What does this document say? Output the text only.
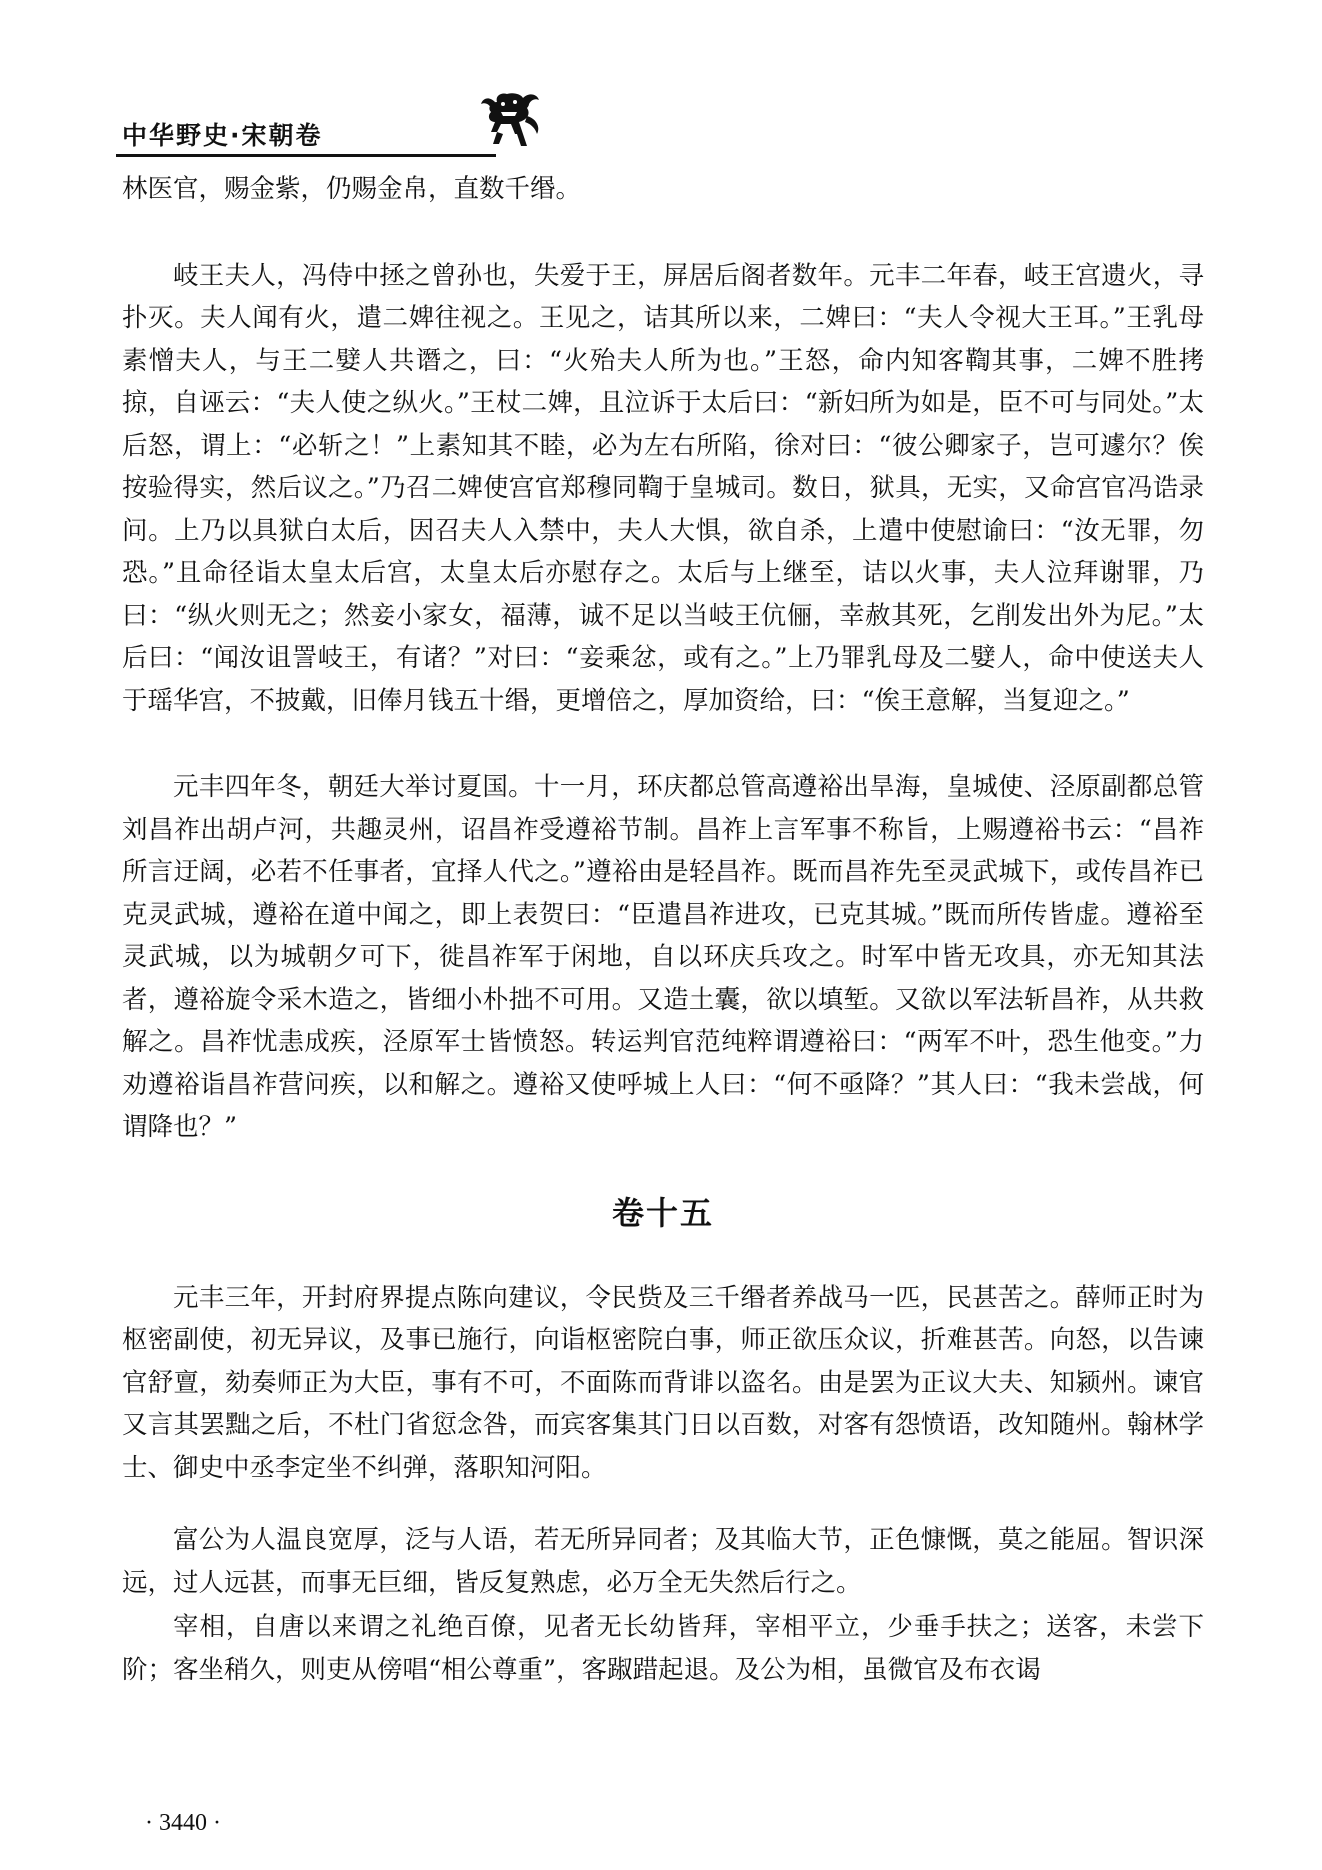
中华野史·宋朝卷

林医官，赐金紫，仍赐金帛，直数千缗。

岐王夫人，冯侍中拯之曾孙也，失爱于王，屏居后阁者数年。元丰二年春，岐王宫遗火，寻扑灭。夫人闻有火，遣二婢往视之。王见之，诘其所以来，二婢曰：“夫人令视大王耳。”王乳母素憎夫人，与王二嬖人共谮之，曰：“火殆夫人所为也。”王怒，命内知客鞫其事，二婢不胜拷掠，自诬云：“夫人使之纵火。”王杖二婢，且泣诉于太后曰：“新妇所为如是，臣不可与同处。”太后怒，谓上：“必斩之！”上素知其不睦，必为左右所陷，徐对曰：“彼公卿家子，岂可遽尔？俟按验得实，然后议之。”乃召二婢使宫官郑穆同鞫于皇城司。数日，狱具，无实，又命宫官冯诰录问。上乃以具狱白太后，因召夫人入禁中，夫人大惧，欲自杀，上遣中使慰谕曰：“汝无罪，勿恐。”且命径诣太皇太后宫，太皇太后亦慰存之。太后与上继至，诘以火事，夫人泣拜谢罪，乃曰：“纵火则无之；然妾小家女，福薄，诚不足以当岐王伉俪，幸赦其死，乞削发出外为尼。”太后曰：“闻汝诅詈岐王，有诸？”对曰：“妾乘忿，或有之。”上乃罪乳母及二嬖人，命中使送夫人于瑶华宫，不披戴，旧俸月钱五十缗，更增倍之，厚加资给，曰：“俟王意解，当复迎之。”

元丰四年冬，朝廷大举讨夏国。十一月，环庆都总管高遵裕出旱海，皇城使、泾原副都总管刘昌祚出胡卢河，共趣灵州，诏昌祚受遵裕节制。昌祚上言军事不称旨，上赐遵裕书云：“昌祚所言迂阔，必若不任事者，宜择人代之。”遵裕由是轻昌祚。既而昌祚先至灵武城下，或传昌祚已克灵武城，遵裕在道中闻之，即上表贺曰：“臣遣昌祚进攻，已克其城。”既而所传皆虚。遵裕至灵武城，以为城朝夕可下，徙昌祚军于闲地，自以环庆兵攻之。时军中皆无攻具，亦无知其法者，遵裕旋令采木造之，皆细小朴拙不可用。又造土囊，欲以填堑。又欲以军法斩昌祚，从共救解之。昌祚忧恚成疾，泾原军士皆愤怒。转运判官范纯粹谓遵裕曰：“两军不叶，恐生他变。”力劝遵裕诣昌祚营问疾，以和解之。遵裕又使呼城上人曰：“何不亟降？”其人曰：“我未尝战，何谓降也？”

卷十五

元丰三年，开封府界提点陈向建议，令民赀及三千缗者养战马一匹，民甚苦之。薛师正时为枢密副使，初无异议，及事已施行，向诣枢密院白事，师正欲压众议，折难甚苦。向怒，以告谏官舒亶，劾奏师正为大臣，事有不可，不面陈而背诽以盗名。由是罢为正议大夫、知颍州。谏官又言其罢黜之后，不杜门省愆念咎，而宾客集其门日以百数，对客有怨愤语，改知随州。翰林学士、御史中丞李定坐不纠弹，落职知河阳。

富公为人温良宽厚，泛与人语，若无所异同者；及其临大节，正色慷慨，莫之能屈。智识深远，过人远甚，而事无巨细，皆反复熟虑，必万全无失然后行之。

宰相，自唐以来谓之礼绝百僚，见者无长幼皆拜，宰相平立，少垂手扶之；送客，未尝下阶；客坐稍久，则吏从傍唱“相公尊重”，客踧踖起退。及公为相，虽微官及布衣谒

· 3440 ·
